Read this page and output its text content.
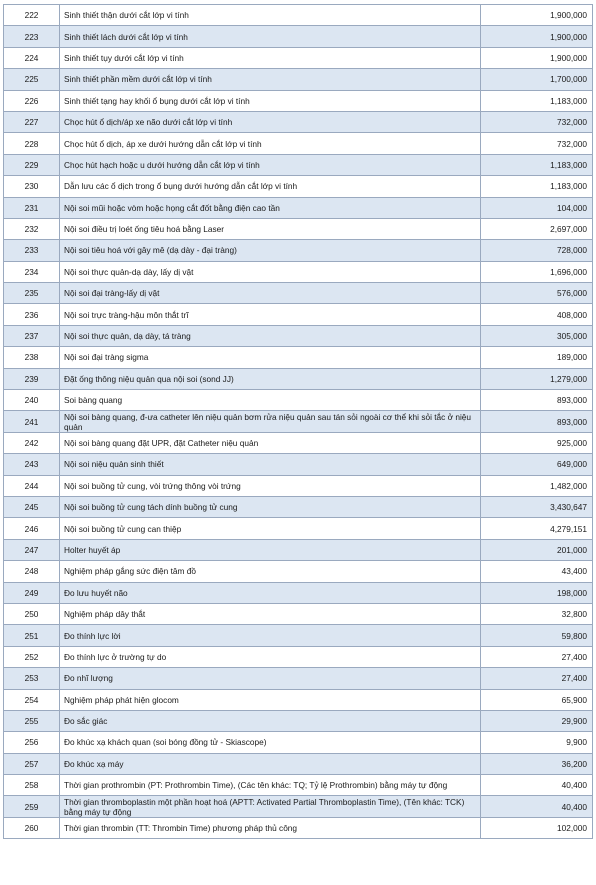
222	Sinh thiết thận dưới cắt lớp vi tính	1,900,000
223	Sinh thiết lách dưới cắt lớp vi tính	1,900,000
224	Sinh thiết tụy dưới cắt lớp vi tính	1,900,000
225	Sinh thiết phần mềm dưới cắt lớp vi tính	1,700,000
226	Sinh thiết tạng hay khối ổ bụng dưới cắt lớp vi tính	1,183,000
227	Chọc hút ổ dịch/áp xe não dưới cắt lớp vi tính	732,000
228	Chọc hút ổ dịch, áp xe dưới hướng dẫn cắt lớp vi tính	732,000
229	Chọc hút hạch hoặc u dưới hướng dẫn cắt lớp vi tính	1,183,000
230	Dẫn lưu các ổ dịch trong ổ bụng dưới hướng dẫn cắt lớp vi tính	1,183,000
231	Nội soi mũi hoặc vòm hoặc họng cắt đốt bằng điện cao tần	104,000
232	Nội soi điều trị loét ống tiêu hoá bằng Laser	2,697,000
233	Nội soi tiêu hoá với gây mê (dạ dày - đại tràng)	728,000
234	Nội soi thực quản-dạ dày, lấy dị vật	1,696,000
235	Nội soi đại tràng-lấy dị vật	576,000
236	Nội soi trực tràng-hậu môn thắt trĩ	408,000
237	Nội soi thực quản, dạ dày, tá tràng	305,000
238	Nội soi đại tràng sigma	189,000
239	Đặt ống thông niệu quản qua nội soi (sond JJ)	1,279,000
240	Soi bàng quang	893,000
241	Nội soi bàng quang, đ-ưa catheter lên niệu quản bơm rửa niệu quản sau tán sỏi ngoài cơ thể khi sỏi tắc ở niệu quản	893,000
242	Nội soi bàng quang đặt UPR, đặt Catheter niệu quản	925,000
243	Nội soi niệu quản sinh thiết	649,000
244	Nội soi buồng tử cung, vòi trứng thông vòi trứng	1,482,000
245	Nội soi buồng tử cung tách dính buồng tử cung	3,430,647
246	Nội soi buồng tử cung can thiệp	4,279,151
247	Holter huyết áp	201,000
248	Nghiệm pháp gắng sức điện tâm đồ	43,400
249	Đo lưu huyết não	198,000
250	Nghiệm pháp dây thắt	32,800
251	Đo thính lực lời	59,800
252	Đo thính lực ở trường tự do	27,400
253	Đo nhĩ lượng	27,400
254	Nghiệm pháp phát hiện glocom	65,900
255	Đo sắc giác	29,900
256	Đo khúc xạ khách quan (soi bóng đồng tử - Skiascope)	9,900
257	Đo khúc xạ máy	36,200
258	Thời gian prothrombin (PT: Prothrombin Time), (Các tên khác: TQ; Tỷ lệ Prothrombin) bằng máy tự động	40,400
259	Thời gian thromboplastin một phần hoạt hoá (APTT: Activated Partial Thromboplastin Time), (Tên khác: TCK) bằng máy tự động	40,400
260	Thời gian thrombin (TT: Thrombin Time) phương pháp thủ công	102,000
